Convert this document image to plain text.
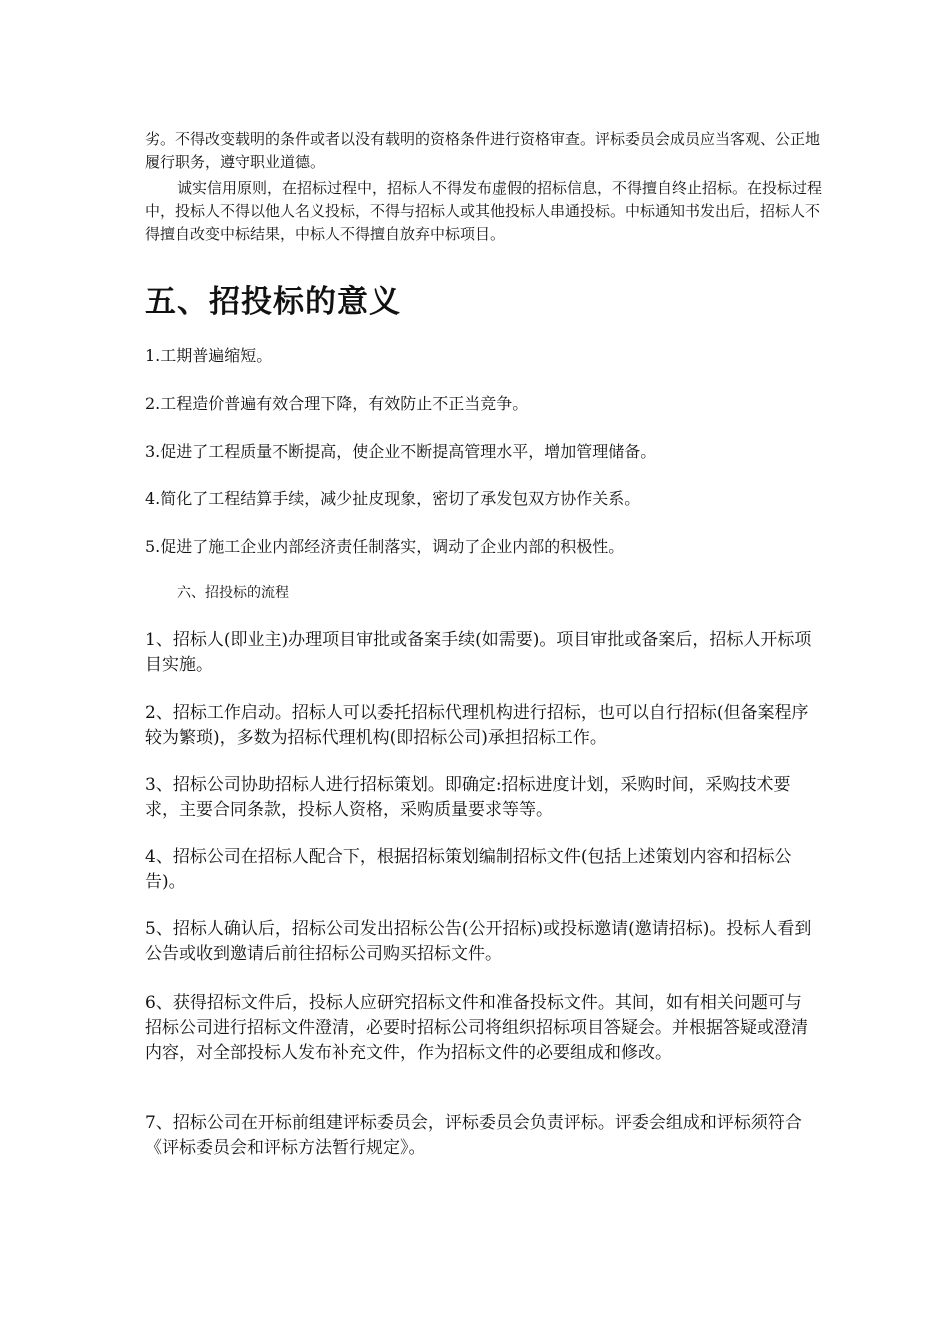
劣。不得改变载明的条件或者以没有载明的资格条件进行资格审查。评标委员会成员应当客观、公正地履行职务，遵守职业道德。

诚实信用原则，在招标过程中，招标人不得发布虚假的招标信息，不得擅自终止招标。在投标过程中，投标人不得以他人名义投标，不得与招标人或其他投标人串通投标。中标通知书发出后，招标人不得擅自改变中标结果，中标人不得擅自放弃中标项目。

五、招投标的意义

1.工期普遍缩短。

2.工程造价普遍有效合理下降，有效防止不正当竞争。

3.促进了工程质量不断提高，使企业不断提高管理水平，增加管理储备。

4.简化了工程结算手续，减少扯皮现象，密切了承发包双方协作关系。

5.促进了施工企业内部经济责任制落实，调动了企业内部的积极性。

六、招投标的流程

1、招标人(即业主)办理项目审批或备案手续(如需要)。项目审批或备案后，招标人开标项目实施。

2、招标工作启动。招标人可以委托招标代理机构进行招标，也可以自行招标(但备案程序较为繁琐)，多数为招标代理机构(即招标公司)承担招标工作。

3、招标公司协助招标人进行招标策划。即确定:招标进度计划，采购时间，采购技术要求，主要合同条款，投标人资格，采购质量要求等等。

4、招标公司在招标人配合下，根据招标策划编制招标文件(包括上述策划内容和招标公告)。

5、招标人确认后，招标公司发出招标公告(公开招标)或投标邀请(邀请招标)。投标人看到公告或收到邀请后前往招标公司购买招标文件。

6、获得招标文件后，投标人应研究招标文件和准备投标文件。其间，如有相关问题可与招标公司进行招标文件澄清，必要时招标公司将组织招标项目答疑会。并根据答疑或澄清内容，对全部投标人发布补充文件，作为招标文件的必要组成和修改。

7、招标公司在开标前组建评标委员会，评标委员会负责评标。评委会组成和评标须符合《评标委员会和评标方法暂行规定》。
